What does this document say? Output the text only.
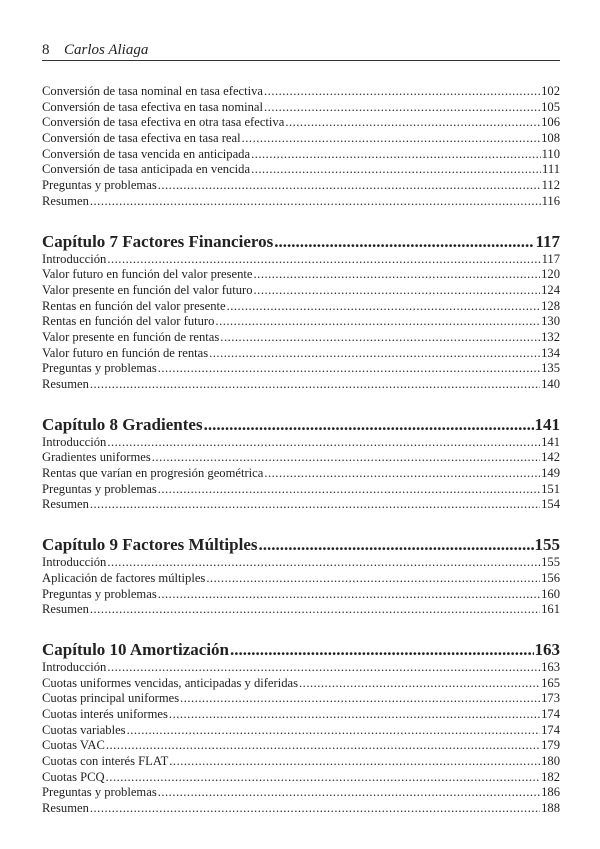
8 Carlos Aliaga
Conversión de tasa nominal en tasa efectiva .....	102
Conversión de tasa efectiva en tasa nominal .....	105
Conversión de tasa efectiva en otra tasa efectiva .....	106
Conversión de tasa efectiva en tasa real .....	108
Conversión de tasa vencida en anticipada .....	110
Conversión de tasa anticipada en vencida .....	111
Preguntas y problemas .....	112
Resumen .....	116
Capítulo 7 Factores Financieros .....	117
Introducción .....	117
Valor futuro en función del valor presente .....	120
Valor presente en función del valor futuro .....	124
Rentas en función del valor presente .....	128
Rentas en función del valor futuro .....	130
Valor presente en función de rentas .....	132
Valor futuro en función de rentas .....	134
Preguntas y problemas .....	135
Resumen .....	140
Capítulo 8 Gradientes .....	141
Introducción .....	141
Gradientes uniformes .....	142
Rentas que varían en progresión geométrica .....	149
Preguntas y problemas .....	151
Resumen .....	154
Capítulo 9 Factores Múltiples .....	155
Introducción .....	155
Aplicación de factores múltiples .....	156
Preguntas y problemas .....	160
Resumen .....	161
Capítulo 10 Amortización .....	163
Introducción .....	163
Cuotas uniformes vencidas, anticipadas y diferidas .....	165
Cuotas principal uniformes .....	173
Cuotas interés uniformes .....	174
Cuotas variables .....	174
Cuotas VAC .....	179
Cuotas con interés FLAT .....	180
Cuotas PCQ .....	182
Preguntas y problemas .....	186
Resumen .....	188
